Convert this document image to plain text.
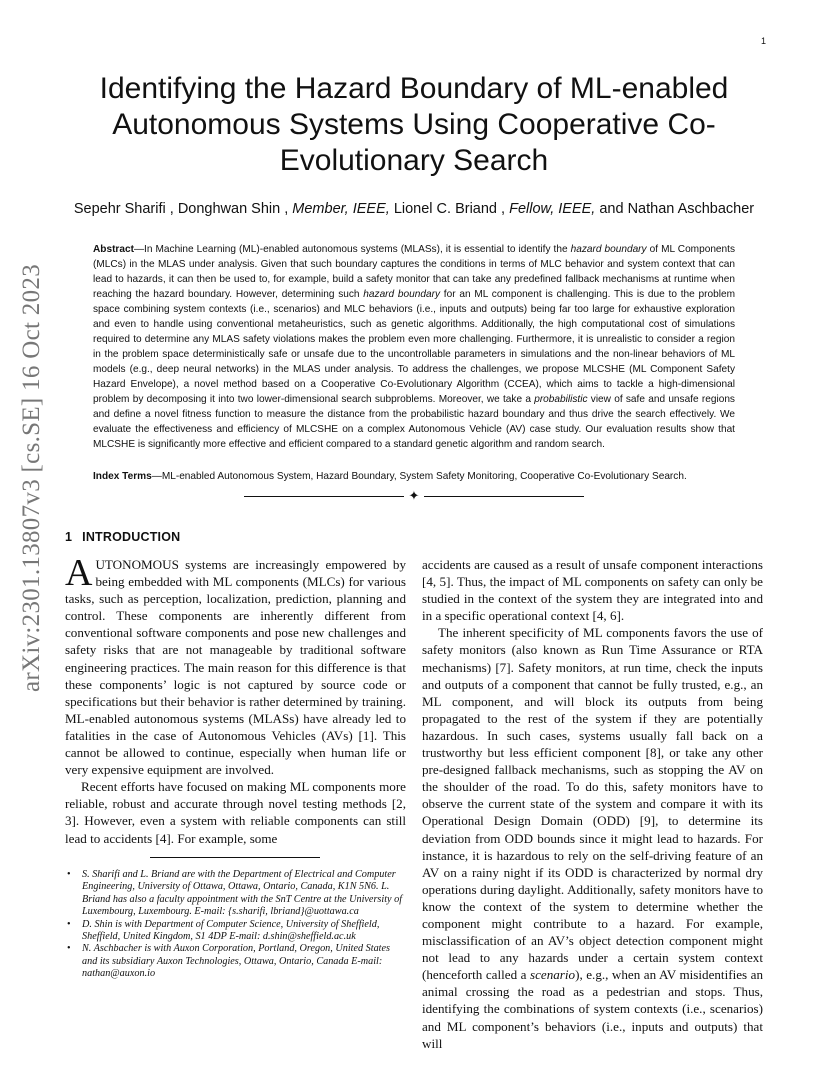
1
arXiv:2301.13807v3 [cs.SE] 16 Oct 2023
Identifying the Hazard Boundary of ML-enabled Autonomous Systems Using Cooperative Co-Evolutionary Search
Sepehr Sharifi , Donghwan Shin , Member, IEEE, Lionel C. Briand , Fellow, IEEE, and Nathan Aschbacher

Abstract—In Machine Learning (ML)-enabled autonomous systems (MLASs), it is essential to identify the hazard boundary of ML Components (MLCs) in the MLAS under analysis. Given that such boundary captures the conditions in terms of MLC behavior and system context that can lead to hazards, it can then be used to, for example, build a safety monitor that can take any predefined fallback mechanisms at runtime when reaching the hazard boundary. However, determining such hazard boundary for an ML component is challenging. This is due to the problem space combining system contexts (i.e., scenarios) and MLC behaviors (i.e., inputs and outputs) being far too large for exhaustive exploration and even to handle using conventional metaheuristics, such as genetic algorithms. Additionally, the high computational cost of simulations required to determine any MLAS safety violations makes the problem even more challenging. Furthermore, it is unrealistic to consider a region in the problem space deterministically safe or unsafe due to the uncontrollable parameters in simulations and the non-linear behaviors of ML models (e.g., deep neural networks) in the MLAS under analysis. To address the challenges, we propose MLCSHE (ML Component Safety Hazard Envelope), a novel method based on a Cooperative Co-Evolutionary Algorithm (CCEA), which aims to tackle a high-dimensional problem by decomposing it into two lower-dimensional search subproblems. Moreover, we take a probabilistic view of safe and unsafe regions and define a novel fitness function to measure the distance from the probabilistic hazard boundary and thus drive the search effectively. We evaluate the effectiveness and efficiency of MLCSHE on a complex Autonomous Vehicle (AV) case study. Our evaluation results show that MLCSHE is significantly more effective and efficient compared to a standard genetic algorithm and random search.

Index Terms—ML-enabled Autonomous System, Hazard Boundary, System Safety Monitoring, Cooperative Co-Evolutionary Search.

✦
1 INTRODUCTION

AUTONOMOUS systems are increasingly empowered by being embedded with ML components (MLCs) for various tasks, such as perception, localization, prediction, planning and control. These components are inherently different from conventional software components and pose new challenges and safety risks that are not manageable by traditional software engineering practices. The main reason for this difference is that these components’ logic is not captured by source code or specifications but their behavior is rather determined by training. ML-enabled autonomous systems (MLASs) have already led to fatalities in the case of Autonomous Vehicles (AVs) [1]. This cannot be allowed to continue, especially when human life or very expensive equipment are involved.

Recent efforts have focused on making ML components more reliable, robust and accurate through novel testing methods [2, 3]. However, even a system with reliable components can still lead to accidents [4]. For example, some

• S. Sharifi and L. Briand are with the Department of Electrical and Computer Engineering, University of Ottawa, Ottawa, Ontario, Canada, K1N 5N6. L. Briand has also a faculty appointment with the SnT Centre at the University of Luxembourg, Luxembourg. E-mail: {s.sharifi, lbriand}@uottawa.ca
• D. Shin is with Department of Computer Science, University of Sheffield, Sheffield, United Kingdom, S1 4DP E-mail: d.shin@sheffield.ac.uk
• N. Aschbacher is with Auxon Corporation, Portland, Oregon, United States and its subsidiary Auxon Technologies, Ottawa, Ontario, Canada E-mail: nathan@auxon.io

accidents are caused as a result of unsafe component interactions [4, 5]. Thus, the impact of ML components on safety can only be studied in the context of the system they are integrated into and in a specific operational context [4, 6].

The inherent specificity of ML components favors the use of safety monitors (also known as Run Time Assurance or RTA mechanisms) [7]. Safety monitors, at run time, check the inputs and outputs of a component that cannot be fully trusted, e.g., an ML component, and will block its outputs from being propagated to the rest of the system if they are potentially hazardous. In such cases, systems usually fall back on a trustworthy but less efficient component [8], or take any other pre-designed fallback mechanisms, such as stopping the AV on the shoulder of the road. To do this, safety monitors have to observe the current state of the system and compare it with its Operational Design Domain (ODD) [9], to determine its deviation from ODD bounds since it might lead to hazards. For instance, it is hazardous to rely on the self-driving feature of an AV on a rainy night if its ODD is characterized by normal dry operations during daylight. Additionally, safety monitors have to know the context of the system to determine whether the component might contribute to a hazard. For example, misclassification of an AV’s object detection component might not lead to any hazards under a certain system context (henceforth called a scenario), e.g., when an AV misidentifies an animal crossing the road as a pedestrian and stops. Thus, identifying the combinations of system contexts (i.e., scenarios) and ML component’s behaviors (i.e., inputs and outputs) that will
